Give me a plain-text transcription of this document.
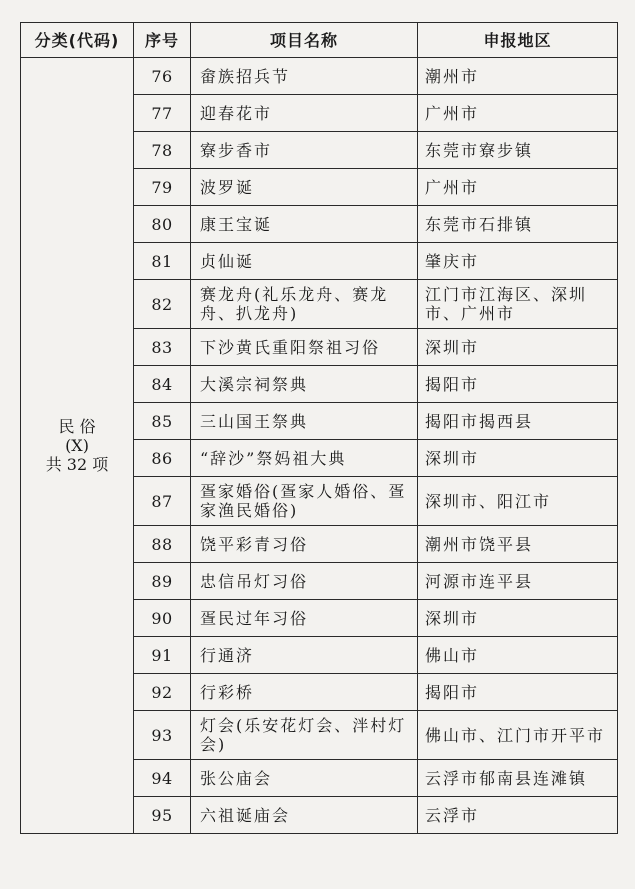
分类(代码)	序号	项目名称	申报地区

民 俗
(X)
共 32 项	76	畲族招兵节	潮州市
	77	迎春花市	广州市
	78	寮步香市	东莞市寮步镇
	79	波罗诞	广州市
	80	康王宝诞	东莞市石排镇
	81	贞仙诞	肇庆市
	82	赛龙舟(礼乐龙舟、赛龙舟、扒龙舟)	江门市江海区、深圳市、广州市
	83	下沙黄氏重阳祭祖习俗	深圳市
	84	大溪宗祠祭典	揭阳市
	85	三山国王祭典	揭阳市揭西县
	86	“辞沙”祭妈祖大典	深圳市
	87	疍家婚俗(疍家人婚俗、疍家渔民婚俗)	深圳市、阳江市
	88	饶平彩青习俗	潮州市饶平县
	89	忠信吊灯习俗	河源市连平县
	90	疍民过年习俗	深圳市
	91	行通济	佛山市
	92	行彩桥	揭阳市
	93	灯会(乐安花灯会、泮村灯会)	佛山市、江门市开平市
	94	张公庙会	云浮市郁南县连滩镇
	95	六祖诞庙会	云浮市
